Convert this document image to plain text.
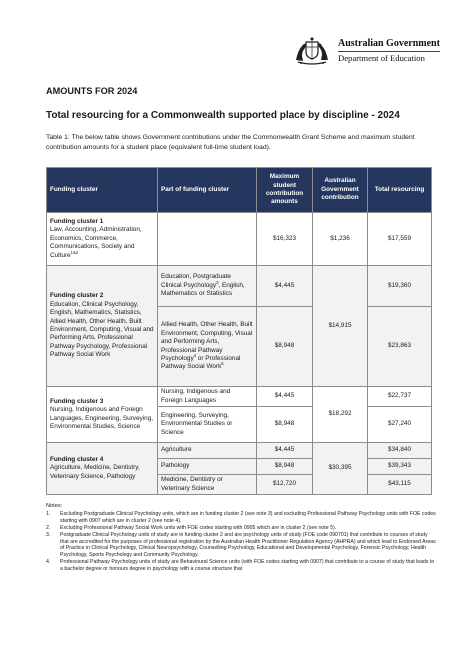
Australian Government
Department of Education
AMOUNTS FOR 2024
Total resourcing for a Commonwealth supported place by discipline - 2024
Table 1: The below table shows Government contributions under the Commonwealth Grant Scheme and maximum student contribution amounts for a student place (equivalent full-time student load).
Funding cluster	Part of funding cluster	Maximum student contribution amounts	Australian Government contribution	Total resourcing

Funding cluster 1
Law, Accounting, Administration, Economics, Commerce, Communications, Society and Culture$^{1\&2}$		$16,323	$1,236	$17,559

Funding cluster 2
Education, Clinical Psychology, English, Mathematics, Statistics, Allied Health, Other Health, Built Environment, Computing, Visual and Performing Arts, Professional Pathway Psychology, Professional Pathway Social Work	Education, Postgraduate Clinical Psychology$^3$, English, Mathematics or Statistics	$4,445	$14,915	$19,360
	Allied Health, Other Health, Built Environment, Computing, Visual and Performing Arts, Professional Pathway Psychology$^4$ or Professional Pathway Social Work$^5$	$8,948		$23,863

Funding cluster 3
Nursing, Indigenous and Foreign Languages, Engineering, Surveying, Environmental Studies, Science	Nursing, Indigenous and Foreign Languages	$4,445	$18,292	$22,737
	Engineering, Surveying, Environmental Studies or Science	$8,948		$27,240

Funding cluster 4
Agriculture, Medicine, Dentistry, Veterinary Science, Pathology	Agriculture	$4,445	$30,395	$34,840
	Pathology	$8,948		$39,343
	Medicine, Dentistry or Veterinary Science	$12,720		$43,115
Notes:
1. Excluding Postgraduate Clinical Psychology units, which are in funding cluster 2 (see note 3) and excluding Professional Pathway Psychology units with FOE codes starting with 0907 which are in cluster 2 (see note 4).
2. Excluding Professional Pathway Social Work units with FOE codes starting with 0905 which are in cluster 2 (see note 5).
3. Postgraduate Clinical Psychology units of study are in funding cluster 2 and are psychology units of study (FOE code 090701) that contribute to courses of study that are accredited for the purposes of professional registration by the Australian Health Practitioner Regulation Agency (AHPRA) and which lead to Endorsed Areas of Practice in Clinical Psychology, Clinical Neuropsychology, Counselling Psychology, Educational and Developmental Psychology, Forensic Psychology, Health Psychology, Sports Psychology and Community Psychology.
4. Professional Pathway Psychology units of study are Behavioural Science units (with FOE codes starting with 0907) that contribute to a course of study that leads to a bachelor degree or honours degree in psychology with a course structure that
